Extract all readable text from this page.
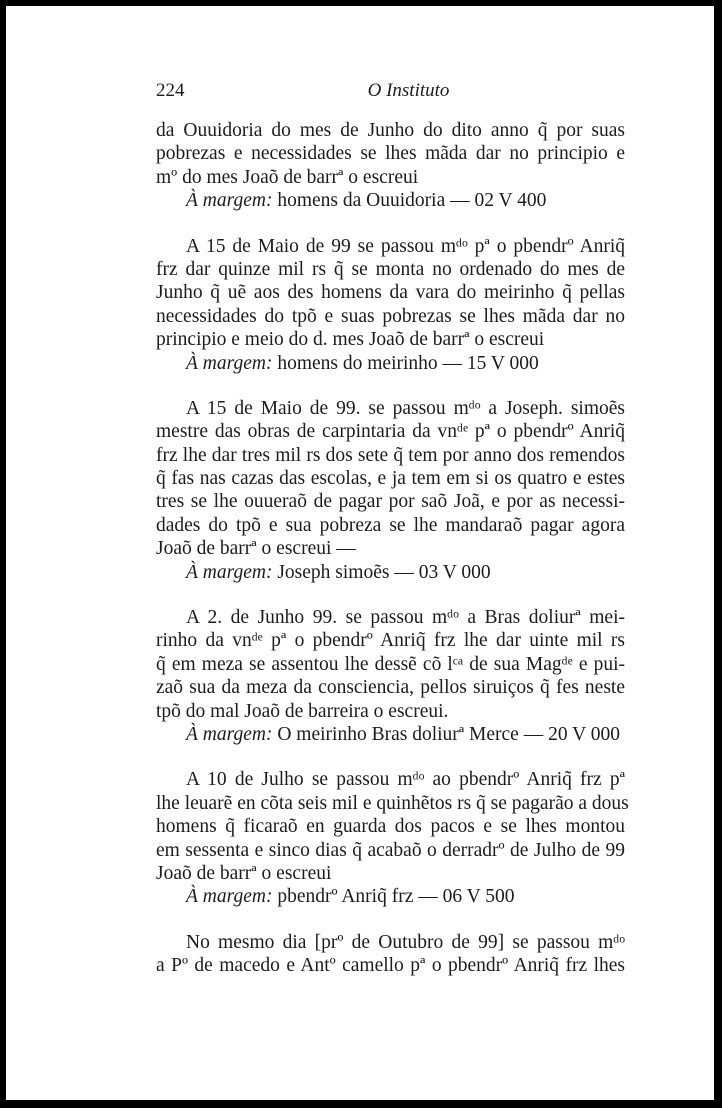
224	O Instituto
da Ouuidoria do mes de Junho do dito anno q̃ por suas
pobrezas e necessidades se lhes mãda dar no principio e
mº do mes Joaõ de barrª o escreui
À margem: homens da Ouuidoria — 02 V 400
A 15 de Maio de 99 se passou mᵈᵒ pª o pbendrº Anriq̃
frz dar quinze mil rs q̃ se monta no ordenado do mes de
Junho q̃ uẽ aos des homens da vara do meirinho q̃ pellas
necessidades do tpõ e suas pobrezas se lhes mãda dar no
principio e meio do d. mes Joaõ de barrª o escreui
À margem: homens do meirinho — 15 V 000
A 15 de Maio de 99. se passou mᵈᵒ a Joseph. simoẽs
mestre das obras de carpintaria da vnᵈᵉ pª o pbendrº Anriq̃
frz lhe dar tres mil rs dos sete q̃ tem por anno dos remendos
q̃ fas nas cazas das escolas, e ja tem em si os quatro e estes
tres se lhe ouueraõ de pagar por saõ Joã, e por as necessi-
dades do tpõ e sua pobreza se lhe mandaraõ pagar agora
Joaõ de barrª o escreui —
À margem: Joseph simoẽs — 03 V 000
A 2. de Junho 99. se passou mᵈᵒ a Bras doliurª mei-
rinho da vnᵈᵉ pª o pbendrº Anriq̃ frz lhe dar uinte mil rs
q̃ em meza se assentou lhe dessẽ cõ lᶜᵃ de sua Magᵈᵉ e pui-
zaõ sua da meza da consciencia, pellos siruiços q̃ fes neste
tpõ do mal Joaõ de barreira o escreui.
À margem: O meirinho Bras doliurª Merce — 20 V 000
A 10 de Julho se passou mᵈᵒ ao pbendrº Anriq̃ frz pª
lhe leuarẽ en cõta seis mil e quinhẽtos rs q̃ se pagarão a dous
homens q̃ ficaraõ en guarda dos pacos e se lhes montou
em sessenta e sinco dias q̃ acabaõ o derradrº de Julho de 99
Joaõ de barrª o escreui
À margem: pbendrº Anriq̃ frz — 06 V 500
No mesmo dia [prº de Outubro de 99] se passou mᵈᵒ
a Pº de macedo e Antº camello pª o pbendrº Anriq̃ frz lhes
